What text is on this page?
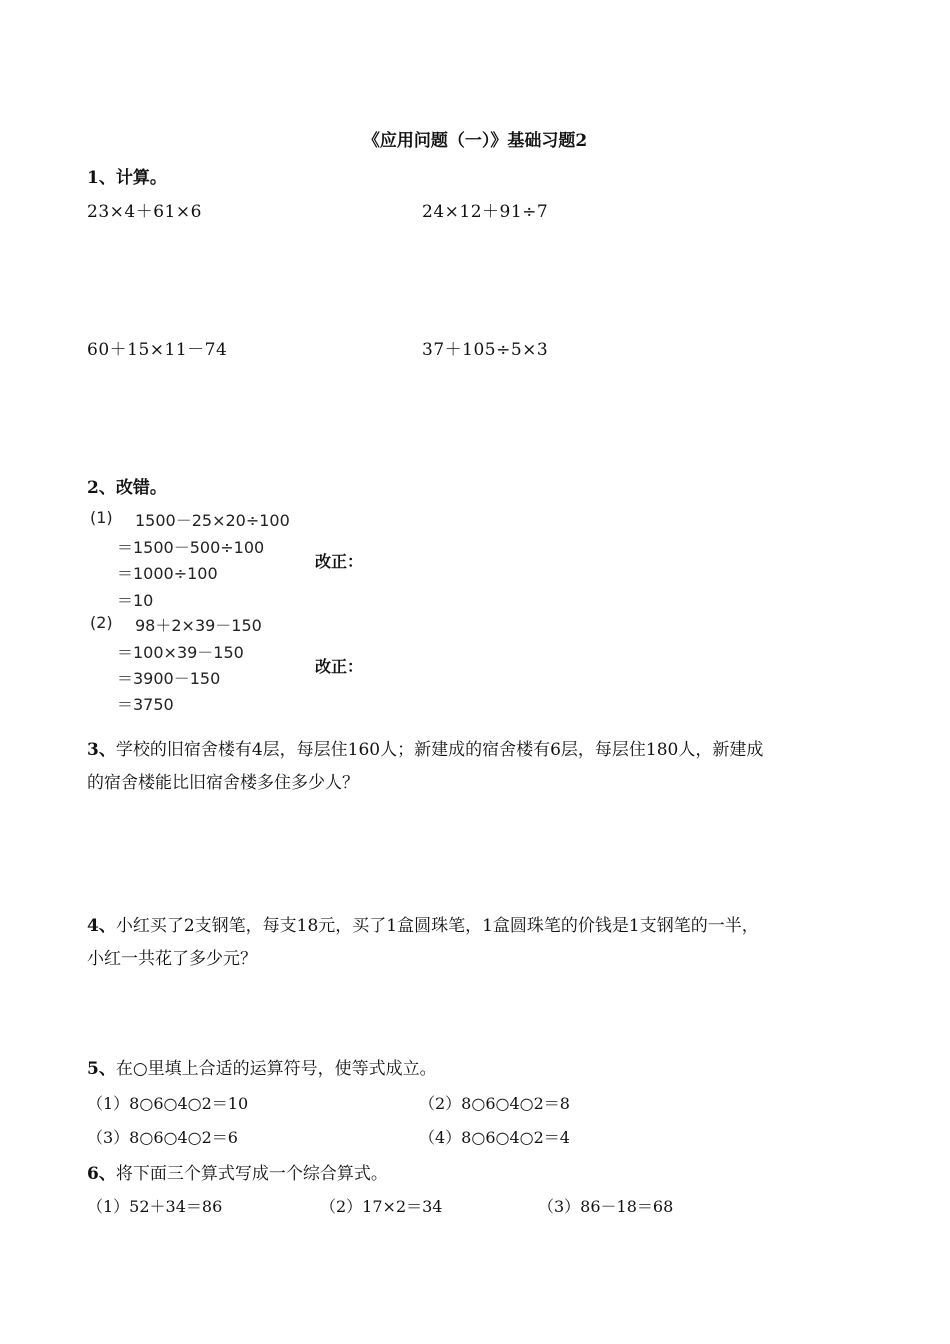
《应用问题（一）》基础习题2
1、计算。
23×4＋61×6	24×12＋91÷7
60＋15×11－74	37＋105÷5×3
2、改错。
(1) 1500－25×20÷100
＝1500－500÷100
＝1000÷100
＝10
改正：
(2) 98＋2×39－150
＝100×39－150
＝3900－150
＝3750
改正：
3、学校的旧宿舍楼有4层，每层住160人；新建成的宿舍楼有6层，每层住180人，新建成
的宿舍楼能比旧宿舍楼多住多少人？
4、小红买了2支钢笔，每支18元，买了1盒圆珠笔，1盒圆珠笔的价钱是1支钢笔的一半，
小红一共花了多少元？
5、在○里填上合适的运算符号，使等式成立。
（1）8○6○4○2＝10	（2）8○6○4○2＝8
（3）8○6○4○2＝6	（4）8○6○4○2＝4
6、将下面三个算式写成一个综合算式。
（1）52＋34＝86	（2）17×2＝34	（3）86－18＝68
